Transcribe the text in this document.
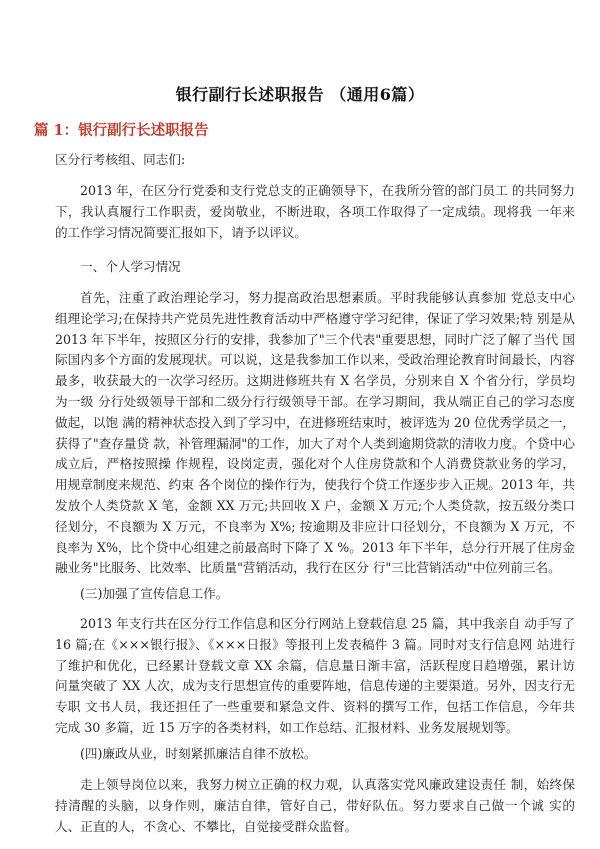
银行副行长述职报告 （通用6篇）
篇 1：银行副行长述职报告

区分行考核组、同志们:

2013 年，在区分行党委和支行党总支的正确领导下，在我所分管的部门员工 的共同努力下，我认真履行工作职责，爱岗敬业，不断进取，各项工作取得了一定成绩。现将我 一年来的工作学习情况简要汇报如下，请予以评议。

一、个人学习情况

首先，注重了政治理论学习，努力提高政治思想素质。平时我能够认真参加 党总支中心组理论学习;在保持共产党员先进性教育活动中严格遵守学习纪律，保证了学习效果;特 别是从 2013 年下半年，按照区分行的安排，我参加了"三个代表"重要思想，同时广泛了解了当代 国际国内多个方面的发展现状。可以说，这是我参加工作以来，受政治理论教育时间最长，内容 最多，收获最大的一次学习经历。这期进修班共有 X 名学员，分别来自 X 个省分行，学员均为一级 分行处级领导干部和二级分行行级领导干部。在学习期间，我从端正自己的学习态度做起，以饱 满的精神状态投入到了学习中，在进修班结束时，被评选为 20 位优秀学员之一，获得了"查存量贷 款，补管理漏洞"的工作，加大了对个人类到逾期贷款的清收力度。个贷中心成立后，严格按照操 作规程，设岗定责，强化对个人住房贷款和个人消费贷款业务的学习，用规章制度来规范、约束 各个岗位的操作行为，使我行个贷工作逐步步入正规。2013 年，共发放个人类贷款 X 笔，金额 XX 万元;共回收 X 户，金额 X 万元;个人类贷款，按五级分类口径划分，不良额为 X 万元，不良率为 X%; 按逾期及非应计口径划分，不良额为 X 万元，不良率为 X%，比个贷中心组建之前最高时下降了 X %。2013 年下半年，总分行开展了住房金融业务"比服务、比效率、比质量"营销活动，我行在区分 行"三比营销活动"中位列前三名。

(三)加强了宣传信息工作。

2013 年支行共在区分行工作信息和区分行网站上登载信息 25 篇，其中我亲自 动手写了 16 篇;在《×××银行报》、《×××日报》等报刊上发表稿件 3 篇。同时对支行信息网 站进行了维护和优化，已经累计登载文章 XX 余篇，信息量日渐丰富，活跃程度日趋增强，累计访 问量突破了 XX 人次，成为支行思想宣传的重要阵地，信息传递的主要渠道。另外，因支行无专职 文书人员，我还担任了一些重要和紧急文件、资料的撰写工作，包括工作信息，今年共完成 30 多篇，近 15 万字的各类材料，如工作总结、汇报材料、业务发展规划等。

(四)廉政从业，时刻紧抓廉洁自律不放松。

走上领导岗位以来，我努力树立正确的权力观，认真落实党风廉政建设责任 制，始终保持清醒的头脑，以身作则，廉洁自律，管好自己，带好队伍。努力要求自己做一个诚 实的人、正直的人，不贪心、不攀比，自觉接受群众监督。
